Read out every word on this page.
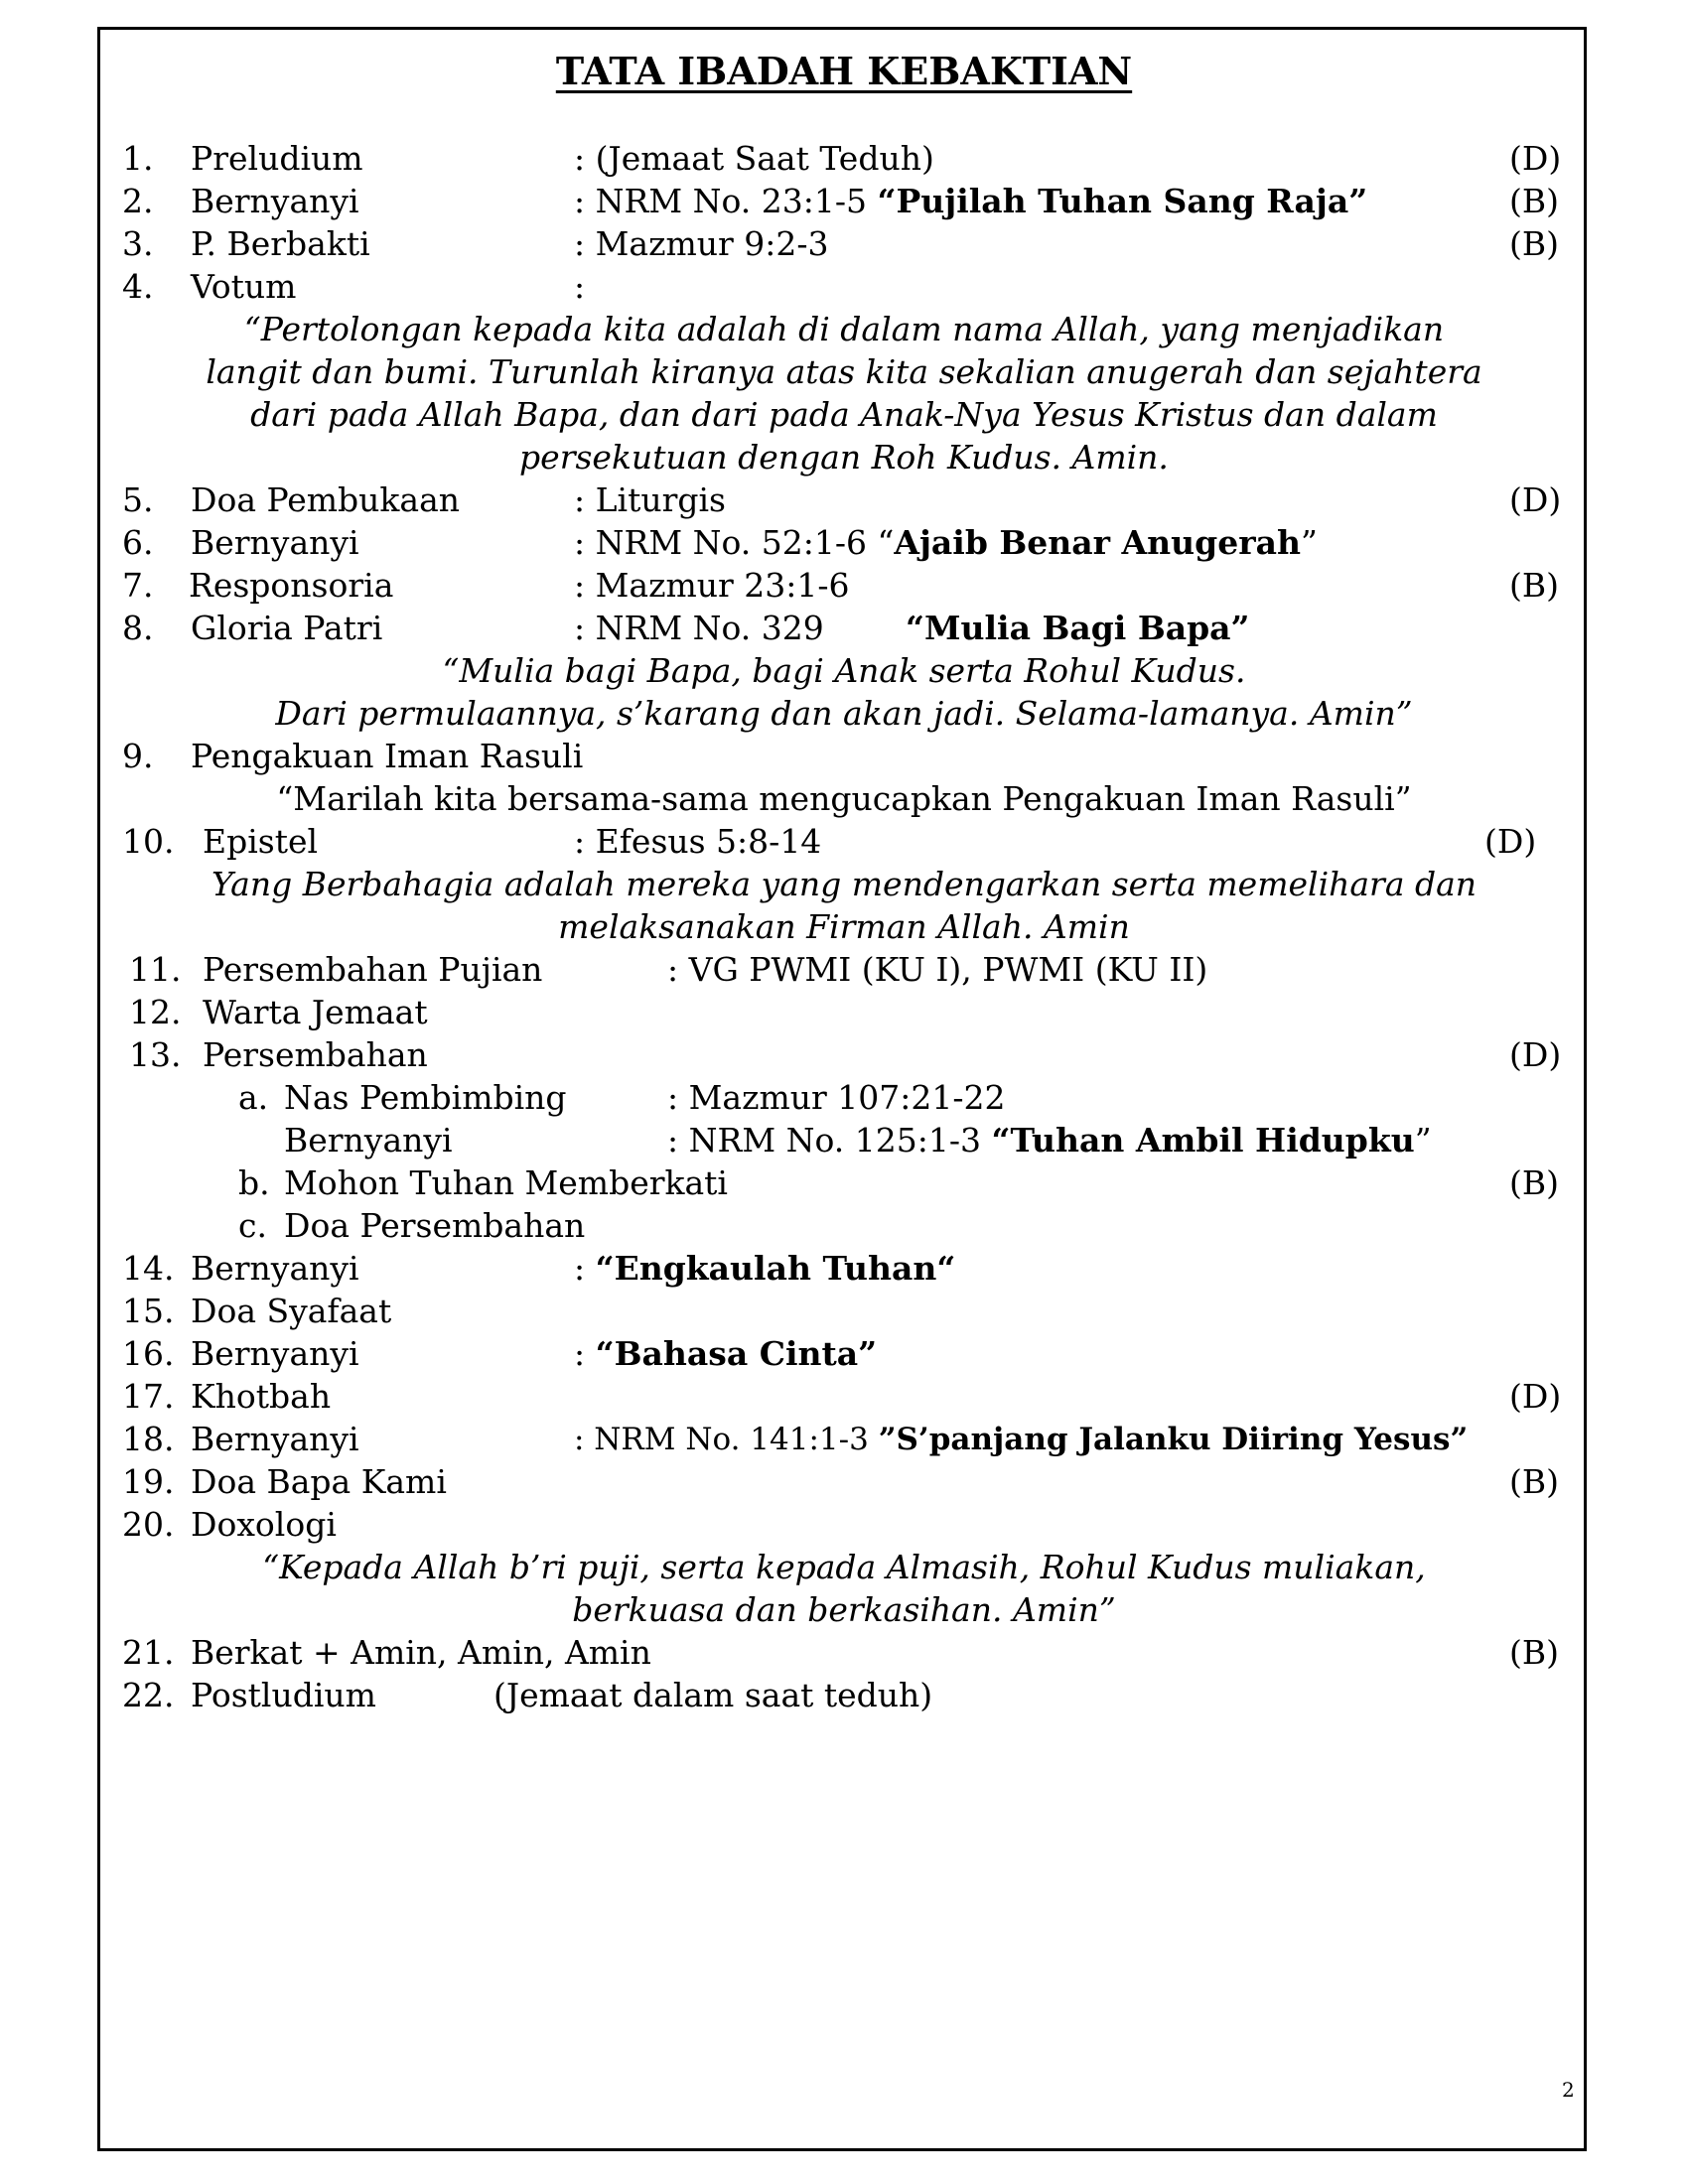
TATA IBADAH KEBAKTIAN
1. Preludium	: (Jemaat Saat Teduh)	(D)
2. Bernyanyi	: NRM No. 23:1-5 “Pujilah Tuhan Sang Raja”	(B)
3. P. Berbakti	: Mazmur 9:2-3	(B)
4. Votum	:
“Pertolongan kepada kita adalah di dalam nama Allah, yang menjadikan
langit dan bumi. Turunlah kiranya atas kita sekalian anugerah dan sejahtera
dari pada Allah Bapa, dan dari pada Anak-Nya Yesus Kristus dan dalam
persekutuan dengan Roh Kudus. Amin.
5. Doa Pembukaan	: Liturgis	(D)
6. Bernyanyi	: NRM No. 52:1-6 “Ajaib Benar Anugerah”
7. Responsoria	: Mazmur 23:1-6	(B)
8. Gloria Patri	: NRM No. 329 “Mulia Bagi Bapa”
“Mulia bagi Bapa, bagi Anak serta Rohul Kudus.
Dari permulaannya, s’karang dan akan jadi. Selama-lamanya. Amin”
9. Pengakuan Iman Rasuli
“Marilah kita bersama-sama mengucapkan Pengakuan Iman Rasuli”
10. Epistel	: Efesus 5:8-14	(D)
Yang Berbahagia adalah mereka yang mendengarkan serta memelihara dan
melaksanakan Firman Allah. Amin
11. Persembahan Pujian	: VG PWMI (KU I), PWMI (KU II)
12. Warta Jemaat
13. Persembahan	(D)
a. Nas Pembimbing	: Mazmur 107:21-22
Bernyanyi	: NRM No. 125:1-3 “Tuhan Ambil Hidupku”
b. Mohon Tuhan Memberkati	(B)
c. Doa Persembahan
14. Bernyanyi	: “Engkaulah Tuhan“
15. Doa Syafaat
16. Bernyanyi	: “Bahasa Cinta”
17. Khotbah	(D)
18. Bernyanyi	: NRM No. 141:1-3 ”S’panjang Jalanku Diiring Yesus”
19. Doa Bapa Kami	(B)
20. Doxologi
“Kepada Allah b’ri puji, serta kepada Almasih, Rohul Kudus muliakan,
berkuasa dan berkasihan. Amin”
21. Berkat + Amin, Amin, Amin	(B)
22. Postludium	(Jemaat dalam saat teduh)
2
